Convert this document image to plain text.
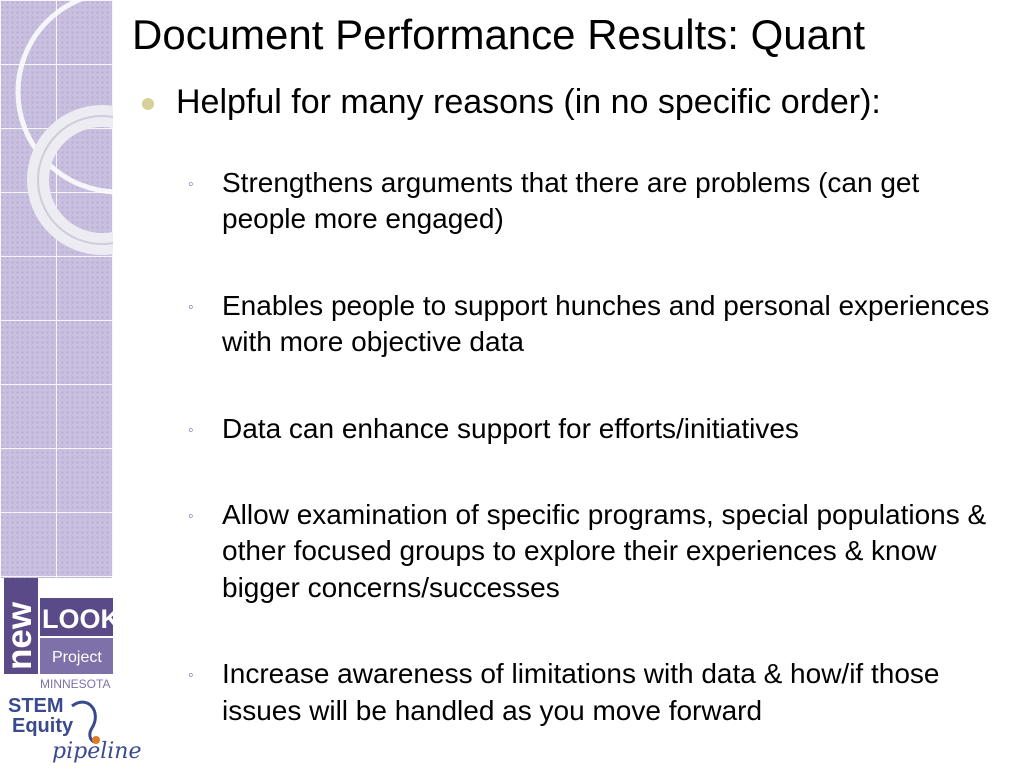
new LOOK
Project
MINNESOTA
STEM
Equity
pipeline
Document Performance Results: Quant
Helpful for many reasons (in no specific order):
◦	Strengthens arguments that there are problems (can get people more engaged)
◦	Enables people to support hunches and personal experiences with more objective data
◦	Data can enhance support for efforts/initiatives
◦	Allow examination of specific programs, special populations & other focused groups to explore their experiences & know bigger concerns/successes
◦	Increase awareness of limitations with data & how/if those issues will be handled as you move forward
